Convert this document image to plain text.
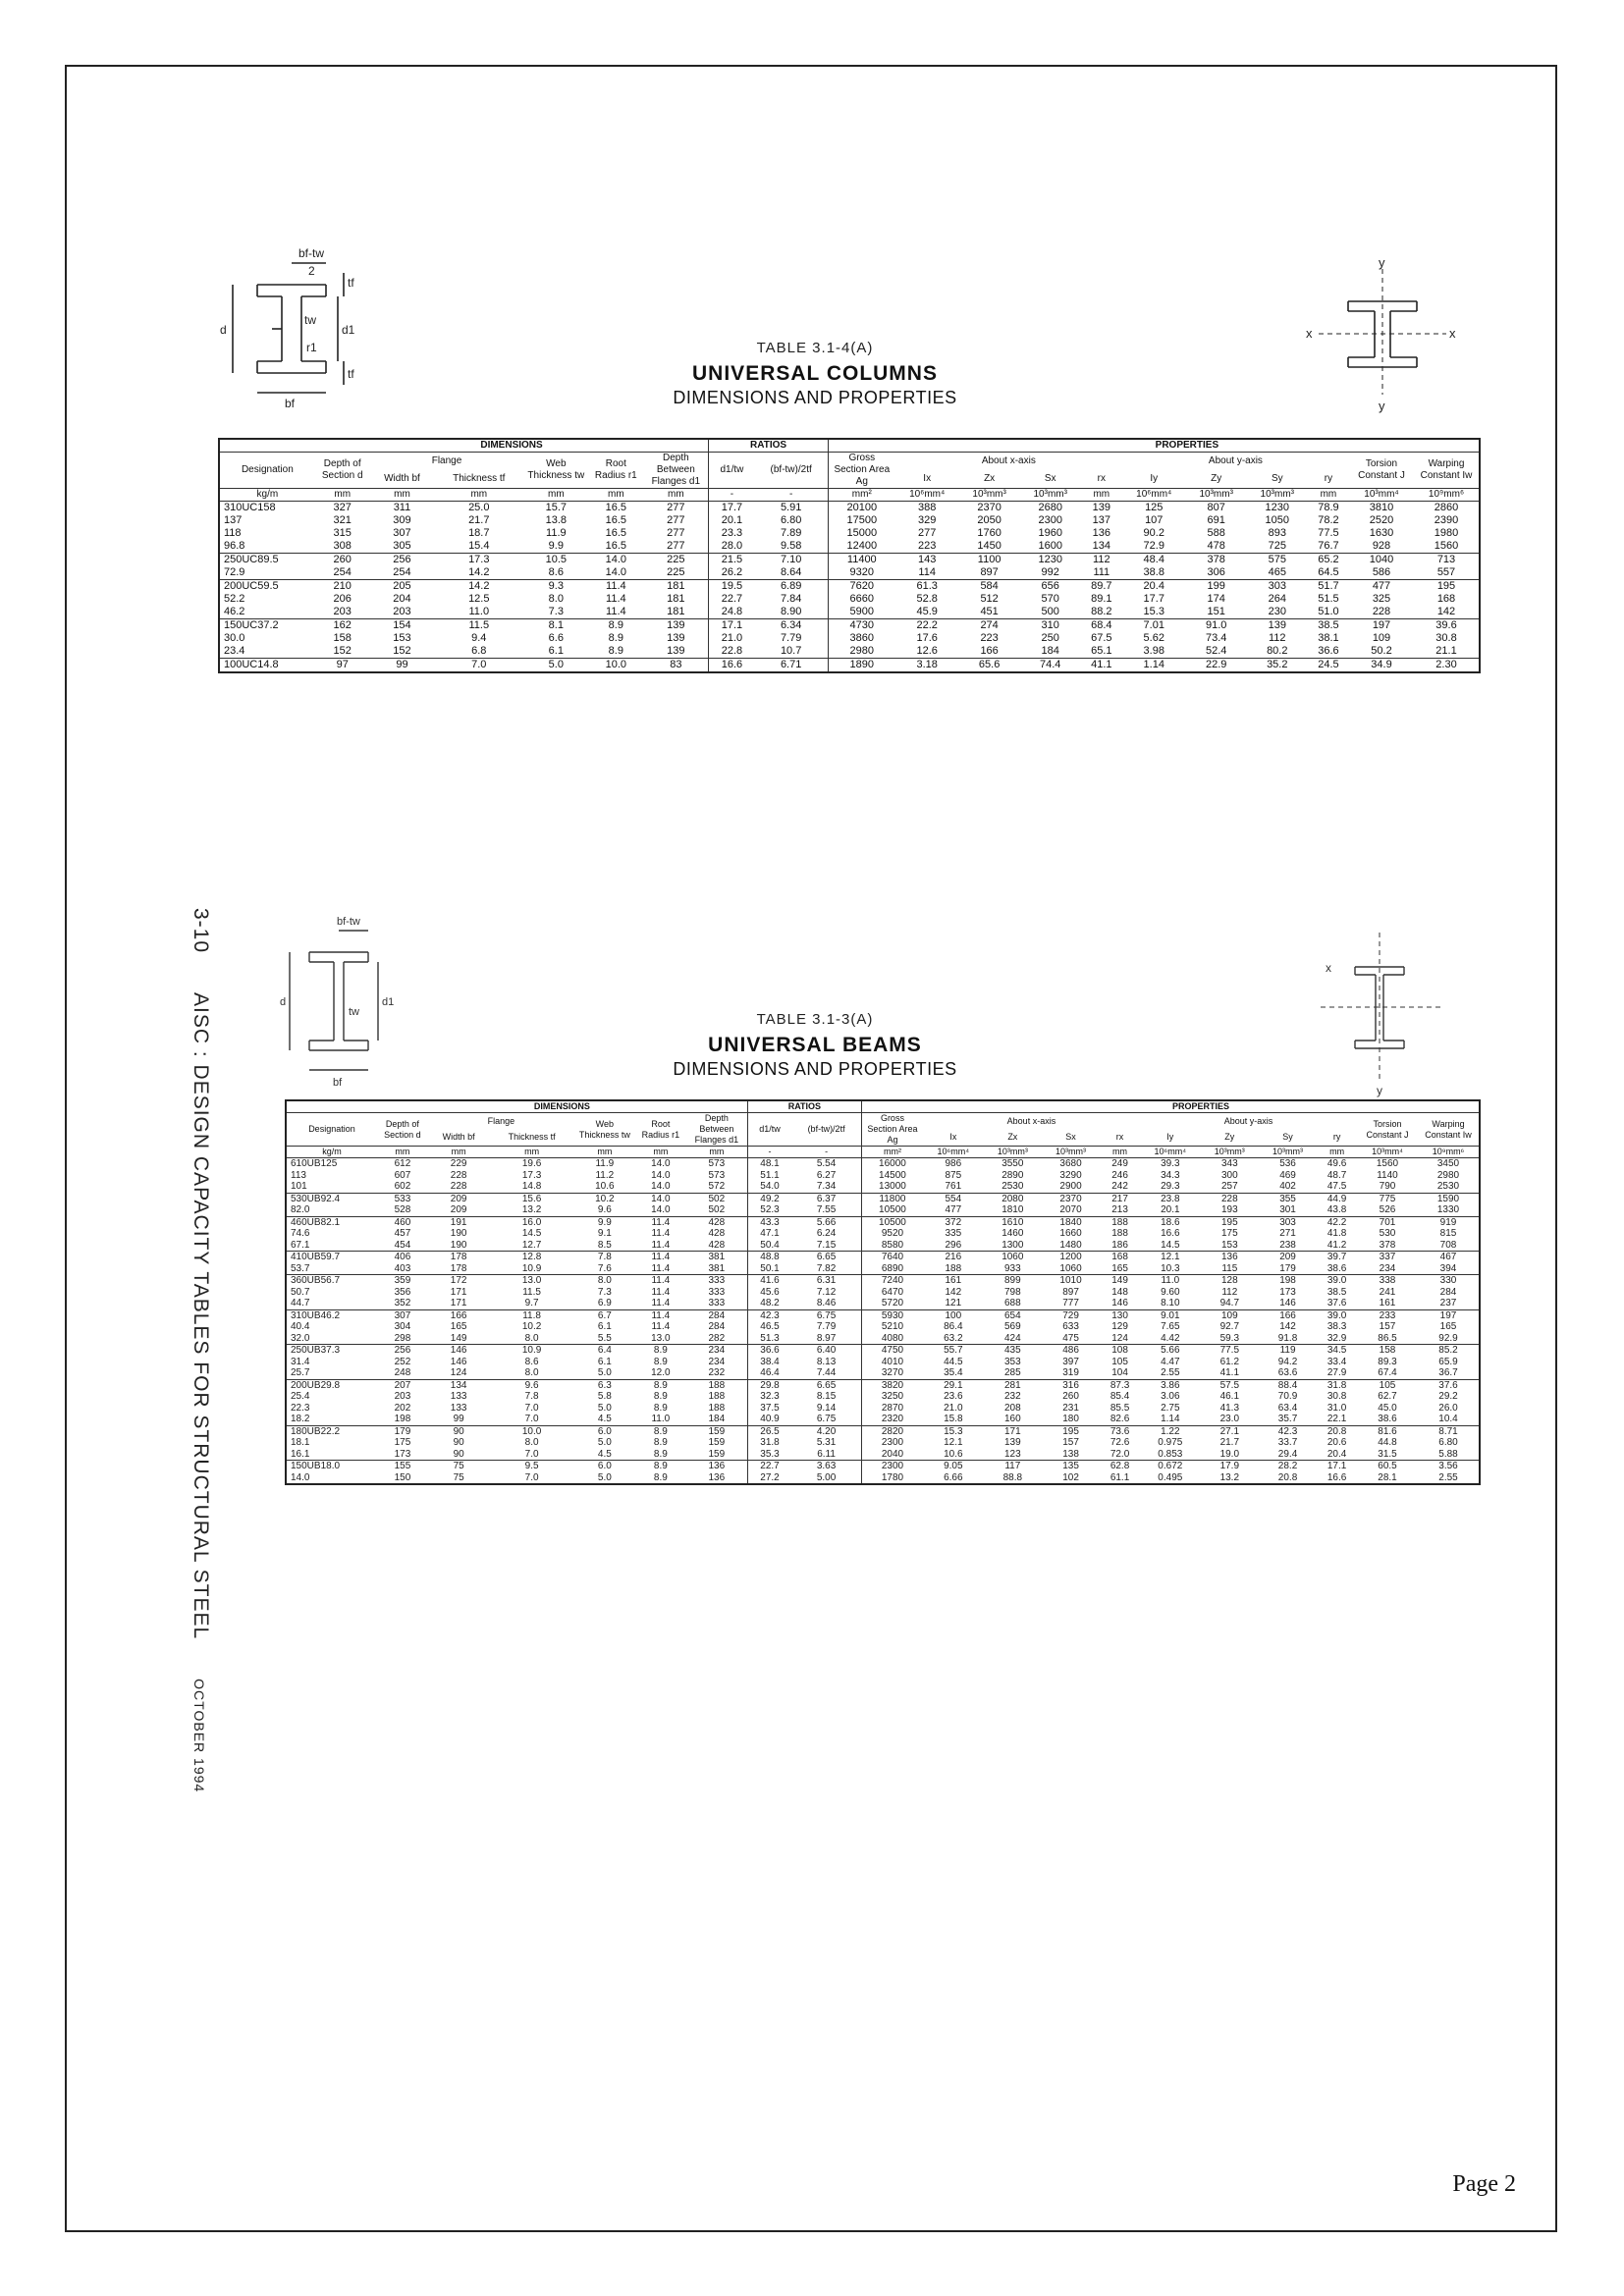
bf-tw
2
tf
d
tw
r1
d1
bf
tf
y
x	x
y
TABLE 3.1-4(A)
UNIVERSAL COLUMNS
DIMENSIONS AND PROPERTIES
	DIMENSIONS						RATIOS			PROPERTIES									
Designation	Depth of Section d	Flange		Web Thickness tw	Root Radius r1	Depth Between Flanges d1	d1/tw	(bf-tw)/2tf	Gross Section Area Ag	About x-axis				About y-axis				Torsion Constant J	Warping Constant Iw
		Width bf	Thickness tf							Ix	Zx	Sx	rx	Iy	Zy	Sy	ry		
kg/m	mm	mm	mm	mm	mm	mm	-	-	mm²	10⁶mm⁴	10³mm³	10³mm³	mm	10⁶mm⁴	10³mm³	10³mm³	mm	10³mm⁴	10⁹mm⁶
310UC158	327	311	25.0	15.7	16.5	277	17.7	5.91	20100	388	2370	2680	139	125	807	1230	78.9	3810	2860
137	321	309	21.7	13.8	16.5	277	20.1	6.80	17500	329	2050	2300	137	107	691	1050	78.2	2520	2390
118	315	307	18.7	11.9	16.5	277	23.3	7.89	15000	277	1760	1960	136	90.2	588	893	77.5	1630	1980
96.8	308	305	15.4	9.9	16.5	277	28.0	9.58	12400	223	1450	1600	134	72.9	478	725	76.7	928	1560
250UC89.5	260	256	17.3	10.5	14.0	225	21.5	7.10	11400	143	1100	1230	112	48.4	378	575	65.2	1040	713
72.9	254	254	14.2	8.6	14.0	225	26.2	8.64	9320	114	897	992	111	38.8	306	465	64.5	586	557
200UC59.5	210	205	14.2	9.3	11.4	181	19.5	6.89	7620	61.3	584	656	89.7	20.4	199	303	51.7	477	195
52.2	206	204	12.5	8.0	11.4	181	22.7	7.84	6660	52.8	512	570	89.1	17.7	174	264	51.5	325	168
46.2	203	203	11.0	7.3	11.4	181	24.8	8.90	5900	45.9	451	500	88.2	15.3	151	230	51.0	228	142
150UC37.2	162	154	11.5	8.1	8.9	139	17.1	6.34	4730	22.2	274	310	68.4	7.01	91.0	139	38.5	197	39.6
30.0	158	153	9.4	6.6	8.9	139	21.0	7.79	3860	17.6	223	250	67.5	5.62	73.4	112	38.1	109	30.8
23.4	152	152	6.8	6.1	8.9	139	22.8	10.7	2980	12.6	166	184	65.1	3.98	52.4	80.2	36.6	50.2	21.1
100UC14.8	97	99	7.0	5.0	10.0	83	16.6	6.71	1890	3.18	65.6	74.4	41.1	1.14	22.9	35.2	24.5	34.9	2.30
3-10AISC : DESIGN CAPACITY TABLES FOR STRUCTURAL STEELOCTOBER 1994
bf-tw
d	d1
tw
bf
x
y
TABLE 3.1-3(A)
UNIVERSAL BEAMS
DIMENSIONS AND PROPERTIES
	DIMENSIONS						RATIOS			PROPERTIES									
Designation	Depth of Section d	Flange		Web Thickness tw	Root Radius r1	Depth Between Flanges d1	d1/tw	(bf-tw)/2tf	Gross Section Area Ag	About x-axis				About y-axis				Torsion Constant J	Warping Constant Iw
		Width bf	Thickness tf							Ix	Zx	Sx	rx	Iy	Zy	Sy	ry		
kg/m	mm	mm	mm	mm	mm	mm	-	-	mm²	10⁶mm⁴	10³mm³	10³mm³	mm	10⁶mm⁴	10³mm³	10³mm³	mm	10³mm⁴	10⁹mm⁶
610UB125	612	229	19.6	11.9	14.0	573	48.1	5.54	16000	986	3550	3680	249	39.3	343	536	49.6	1560	3450
113	607	228	17.3	11.2	14.0	573	51.1	6.27	14500	875	2890	3290	246	34.3	300	469	48.7	1140	2980
101	602	228	14.8	10.6	14.0	572	54.0	7.34	13000	761	2530	2900	242	29.3	257	402	47.5	790	2530
530UB92.4	533	209	15.6	10.2	14.0	502	49.2	6.37	11800	554	2080	2370	217	23.8	228	355	44.9	775	1590
82.0	528	209	13.2	9.6	14.0	502	52.3	7.55	10500	477	1810	2070	213	20.1	193	301	43.8	526	1330
460UB82.1	460	191	16.0	9.9	11.4	428	43.3	5.66	10500	372	1610	1840	188	18.6	195	303	42.2	701	919
74.6	457	190	14.5	9.1	11.4	428	47.1	6.24	9520	335	1460	1660	188	16.6	175	271	41.8	530	815
67.1	454	190	12.7	8.5	11.4	428	50.4	7.15	8580	296	1300	1480	186	14.5	153	238	41.2	378	708
410UB59.7	406	178	12.8	7.8	11.4	381	48.8	6.65	7640	216	1060	1200	168	12.1	136	209	39.7	337	467
53.7	403	178	10.9	7.6	11.4	381	50.1	7.82	6890	188	933	1060	165	10.3	115	179	38.6	234	394
360UB56.7	359	172	13.0	8.0	11.4	333	41.6	6.31	7240	161	899	1010	149	11.0	128	198	39.0	338	330
50.7	356	171	11.5	7.3	11.4	333	45.6	7.12	6470	142	798	897	148	9.60	112	173	38.5	241	284
44.7	352	171	9.7	6.9	11.4	333	48.2	8.46	5720	121	688	777	146	8.10	94.7	146	37.6	161	237
310UB46.2	307	166	11.8	6.7	11.4	284	42.3	6.75	5930	100	654	729	130	9.01	109	166	39.0	233	197
40.4	304	165	10.2	6.1	11.4	284	46.5	7.79	5210	86.4	569	633	129	7.65	92.7	142	38.3	157	165
32.0	298	149	8.0	5.5	13.0	282	51.3	8.97	4080	63.2	424	475	124	4.42	59.3	91.8	32.9	86.5	92.9
250UB37.3	256	146	10.9	6.4	8.9	234	36.6	6.40	4750	55.7	435	486	108	5.66	77.5	119	34.5	158	85.2
31.4	252	146	8.6	6.1	8.9	234	38.4	8.13	4010	44.5	353	397	105	4.47	61.2	94.2	33.4	89.3	65.9
25.7	248	124	8.0	5.0	12.0	232	46.4	7.44	3270	35.4	285	319	104	2.55	41.1	63.6	27.9	67.4	36.7
200UB29.8	207	134	9.6	6.3	8.9	188	29.8	6.65	3820	29.1	281	316	87.3	3.86	57.5	88.4	31.8	105	37.6
25.4	203	133	7.8	5.8	8.9	188	32.3	8.15	3250	23.6	232	260	85.4	3.06	46.1	70.9	30.8	62.7	29.2
22.3	202	133	7.0	5.0	8.9	188	37.5	9.14	2870	21.0	208	231	85.5	2.75	41.3	63.4	31.0	45.0	26.0
18.2	198	99	7.0	4.5	11.0	184	40.9	6.75	2320	15.8	160	180	82.6	1.14	23.0	35.7	22.1	38.6	10.4
180UB22.2	179	90	10.0	6.0	8.9	159	26.5	4.20	2820	15.3	171	195	73.6	1.22	27.1	42.3	20.8	81.6	8.71
18.1	175	90	8.0	5.0	8.9	159	31.8	5.31	2300	12.1	139	157	72.6	0.975	21.7	33.7	20.6	44.8	6.80
16.1	173	90	7.0	4.5	8.9	159	35.3	6.11	2040	10.6	123	138	72.0	0.853	19.0	29.4	20.4	31.5	5.88
150UB18.0	155	75	9.5	6.0	8.9	136	22.7	3.63	2300	9.05	117	135	62.8	0.672	17.9	28.2	17.1	60.5	3.56
14.0	150	75	7.0	5.0	8.9	136	27.2	5.00	1780	6.66	88.8	102	61.1	0.495	13.2	20.8	16.6	28.1	2.55
Page 2
